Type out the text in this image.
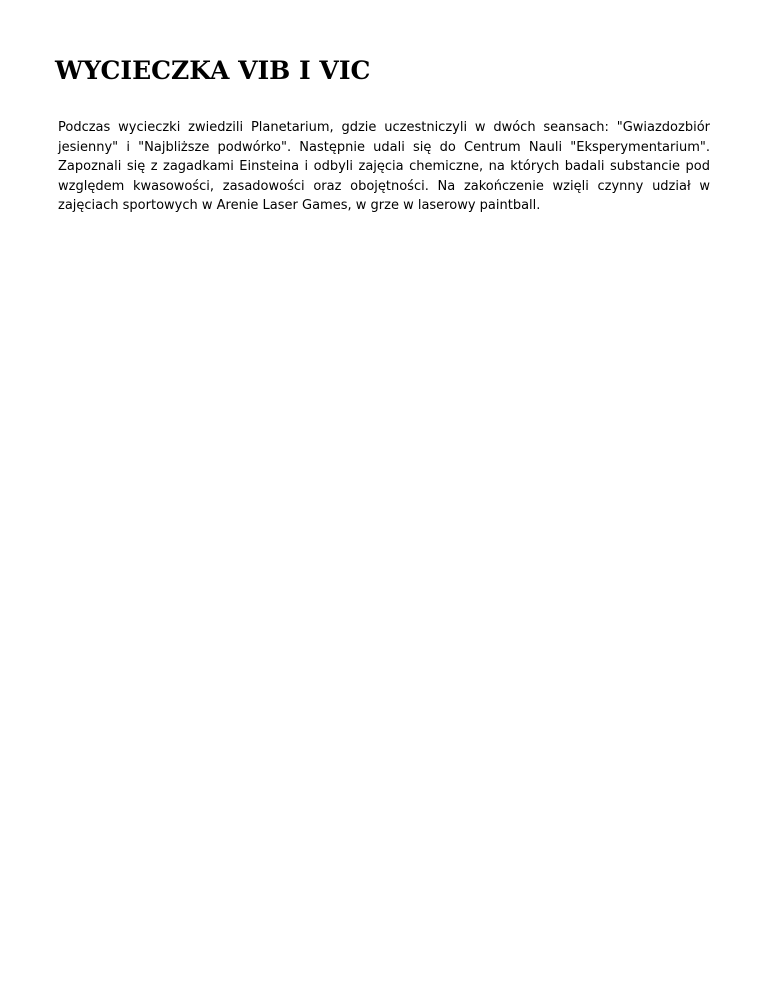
WYCIECZKA VIB I VIC

Podczas wycieczki zwiedzili Planetarium, gdzie uczestniczyli w dwóch seansach: "Gwiazdozbiór jesienny" i "Najbliższe podwórko". Następnie udali się do Centrum Nauli "Eksperymentarium". Zapoznali się z zagadkami Einsteina i odbyli zajęcia chemiczne, na których badali substancie pod względem kwasowości, zasadowości oraz obojętności. Na zakończenie wzięli czynny udział w zajęciach sportowych w Arenie Laser Games, w grze w laserowy paintball.
